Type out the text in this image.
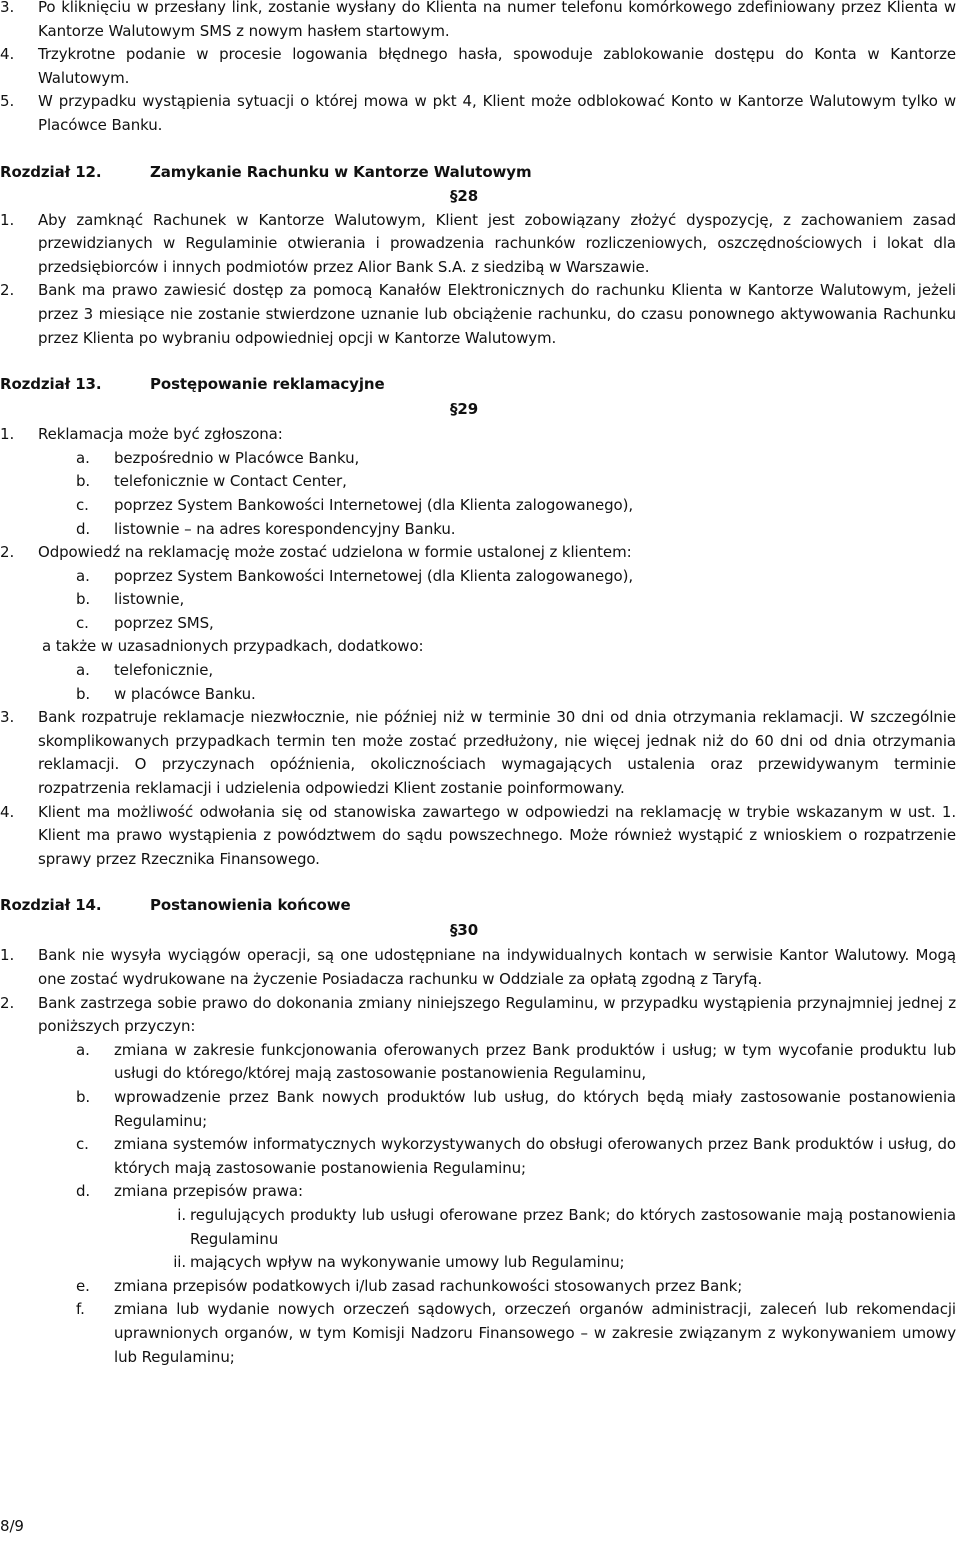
3.	Po kliknięciu w przesłany link, zostanie wysłany do Klienta na numer telefonu komórkowego zdefiniowany przez Klienta w Kantorze Walutowym SMS z nowym hasłem startowym.
4.	Trzykrotne podanie w procesie logowania błędnego hasła, spowoduje zablokowanie dostępu do Konta w Kantorze Walutowym.
5.	W przypadku wystąpienia sytuacji o której mowa w pkt 4, Klient może odblokować Konto w Kantorze Walutowym tylko w Placówce Banku.
Rozdział 12.	Zamykanie Rachunku w Kantorze Walutowym
§28
1.	Aby zamknąć Rachunek w Kantorze Walutowym, Klient jest zobowiązany złożyć dyspozycję, z zachowaniem zasad przewidzianych w Regulaminie otwierania i prowadzenia rachunków rozliczeniowych, oszczędnościowych i lokat dla przedsiębiorców i innych podmiotów przez Alior Bank S.A. z siedzibą w Warszawie.
2.	Bank ma prawo zawiesić dostęp za pomocą Kanałów Elektronicznych do rachunku Klienta w Kantorze Walutowym, jeżeli przez 3 miesiące nie zostanie stwierdzone uznanie lub obciążenie rachunku, do czasu ponownego aktywowania Rachunku przez Klienta po wybraniu odpowiedniej opcji w Kantorze Walutowym.
Rozdział 13.	Postępowanie reklamacyjne
§29
1.	Reklamacja może być zgłoszona:
a. bezpośrednio w Placówce Banku,
b. telefonicznie w Contact Center,
c. poprzez System Bankowości Internetowej (dla Klienta zalogowanego),
d. listownie – na adres korespondencyjny Banku.
2.	Odpowiedź na reklamację może zostać udzielona w formie ustalonej z klientem:
a. poprzez System Bankowości Internetowej (dla Klienta zalogowanego),
b. listownie,
c. poprzez SMS,
a także w uzasadnionych przypadkach, dodatkowo:
a. telefonicznie,
b. w placówce Banku.
3.	Bank rozpatruje reklamacje niezwłocznie, nie później niż w terminie 30 dni od dnia otrzymania reklamacji. W szczególnie skomplikowanych przypadkach termin ten może zostać przedłużony, nie więcej jednak niż do 60 dni od dnia otrzymania reklamacji. O przyczynach opóźnienia, okolicznościach wymagających ustalenia oraz przewidywanym terminie rozpatrzenia reklamacji i udzielenia odpowiedzi Klient zostanie poinformowany.
4.	Klient ma możliwość odwołania się od stanowiska zawartego w odpowiedzi na reklamację w trybie wskazanym w ust. 1. Klient ma prawo wystąpienia z powództwem do sądu powszechnego. Może również wystąpić z wnioskiem o rozpatrzenie sprawy przez Rzecznika Finansowego.
Rozdział 14.	Postanowienia końcowe
§30
1.	Bank nie wysyła wyciągów operacji, są one udostępniane na indywidualnych kontach w serwisie Kantor Walutowy. Mogą one zostać wydrukowane na życzenie Posiadacza rachunku w Oddziale za opłatą zgodną z Taryfą.
2.	Bank zastrzega sobie prawo do dokonania zmiany niniejszego Regulaminu, w przypadku wystąpienia przynajmniej jednej z poniższych przyczyn:
a. zmiana w zakresie funkcjonowania oferowanych przez Bank produktów i usług; w tym wycofanie produktu lub usługi do którego/której mają zastosowanie postanowienia Regulaminu,
b. wprowadzenie przez Bank nowych produktów lub usług, do których będą miały zastosowanie postanowienia Regulaminu;
c. zmiana systemów informatycznych wykorzystywanych do obsługi oferowanych przez Bank produktów i usług, do których mają zastosowanie postanowienia Regulaminu;
d. zmiana przepisów prawa:
i. regulujących produkty lub usługi oferowane przez Bank; do których zastosowanie mają postanowienia Regulaminu
ii. mających wpływ na wykonywanie umowy lub Regulaminu;
e. zmiana przepisów podatkowych i/lub zasad rachunkowości stosowanych przez Bank;
f. zmiana lub wydanie nowych orzeczeń sądowych, orzeczeń organów administracji, zaleceń lub rekomendacji uprawnionych organów, w tym Komisji Nadzoru Finansowego – w zakresie związanym z wykonywaniem umowy lub Regulaminu;
8/9
